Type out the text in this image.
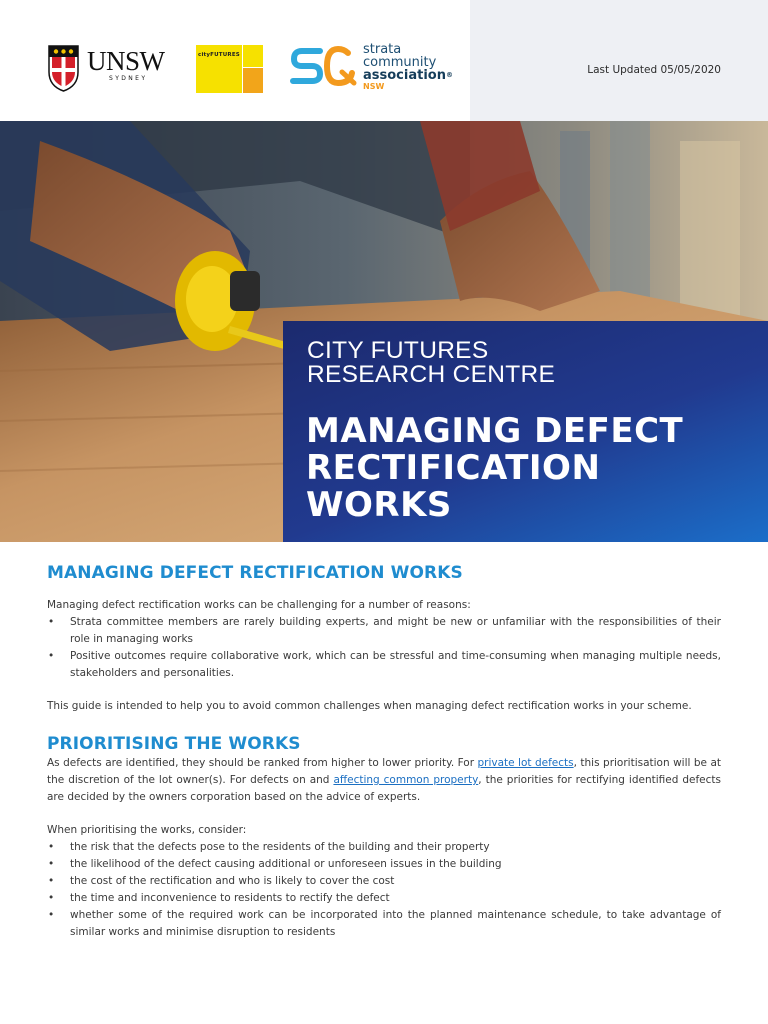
UNSW
SYDNEY
cityFUTURES	strata
community
association®
NSW
Last Updated 05/05/2020
CITY FUTURES
RESEARCH CENTRE
MANAGING DEFECT
RECTIFICATION
WORKS
MANAGING DEFECT RECTIFICATION WORKS

Managing defect rectification works can be challenging for a number of reasons:

• Strata committee members are rarely building experts, and might be new or unfamiliar with the responsibilities of their role in managing works
• Positive outcomes require collaborative work, which can be stressful and time-consuming when managing multiple needs, stakeholders and personalities.

This guide is intended to help you to avoid common challenges when managing defect rectification works in your scheme.

PRIORITISING THE WORKS

As defects are identified, they should be ranked from higher to lower priority. For private lot defects, this prioritisation will be at the discretion of the lot owner(s). For defects on and affecting common property, the priorities for rectifying identified defects are decided by the owners corporation based on the advice of experts.

When prioritising the works, consider:

• the risk that the defects pose to the residents of the building and their property
• the likelihood of the defect causing additional or unforeseen issues in the building
• the cost of the rectification and who is likely to cover the cost
• the time and inconvenience to residents to rectify the defect
• whether some of the required work can be incorporated into the planned maintenance schedule, to take advantage of similar works and minimise disruption to residents
